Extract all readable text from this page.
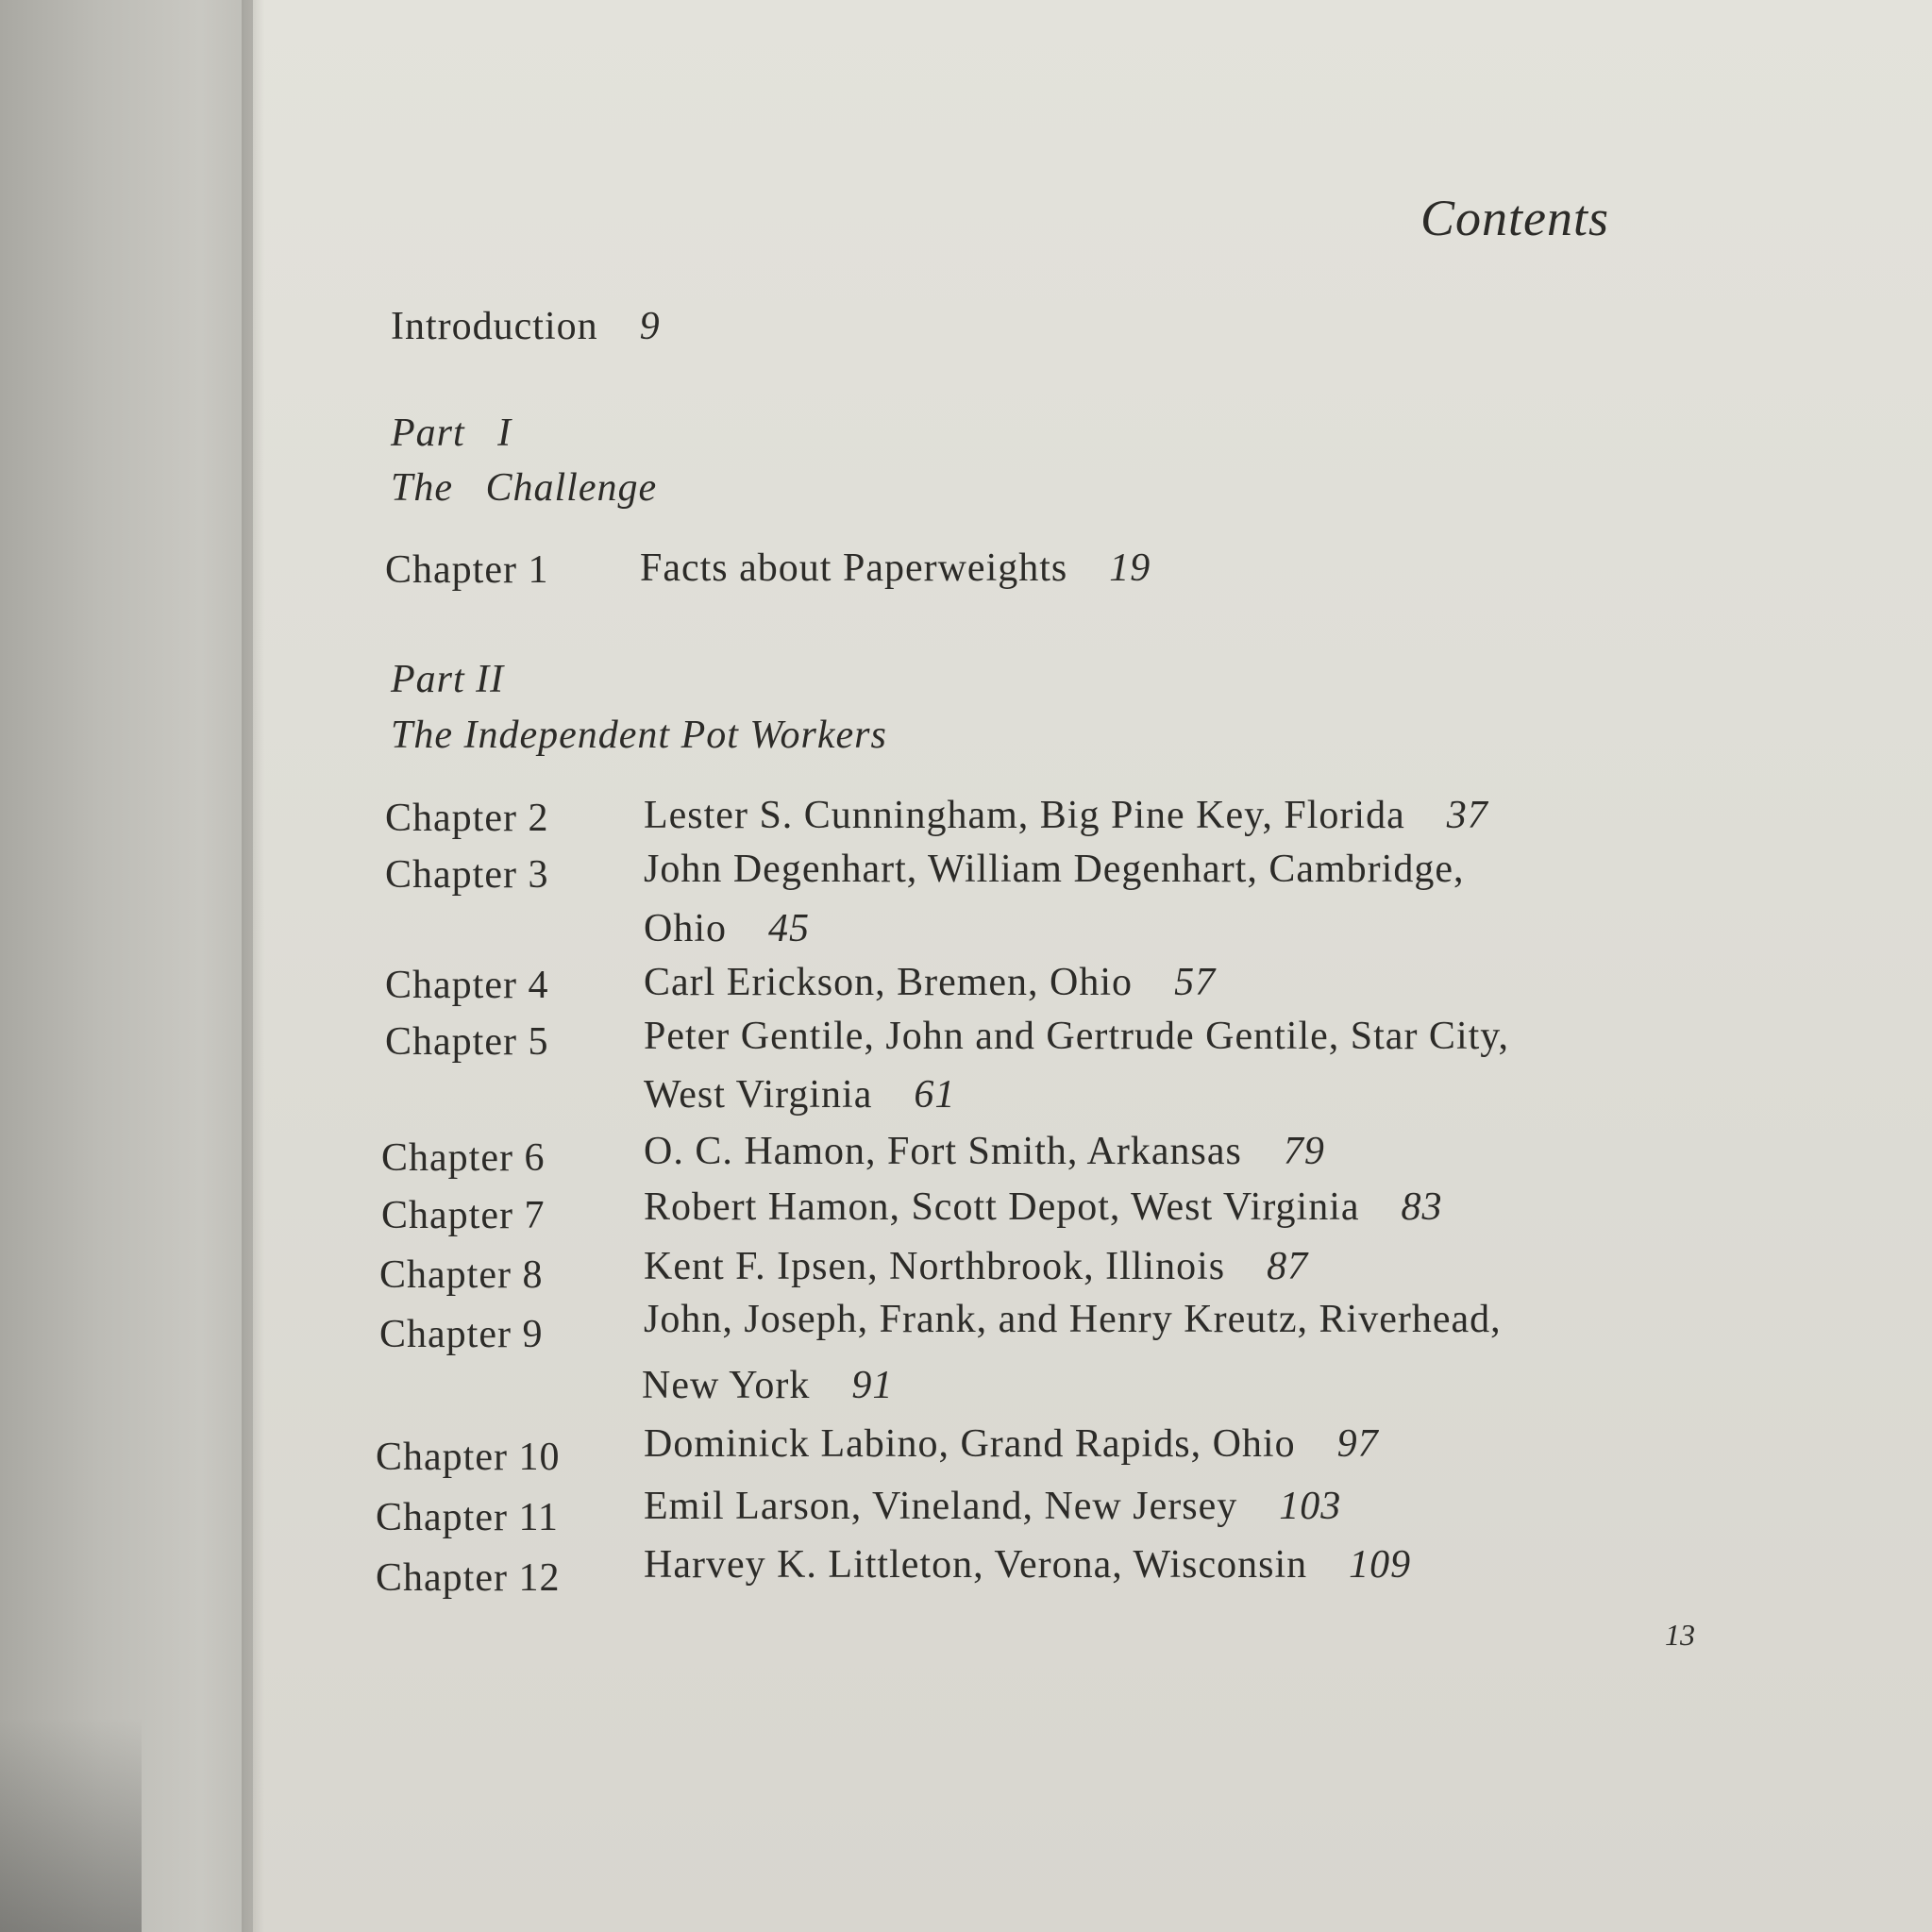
Contents
Introduction 9
Part   I
The   Challenge
Chapter 1 Facts about Paperweights 19
Part II
The Independent Pot Workers
Chapter 2 Lester S. Cunningham, Big Pine Key, Florida 37
Chapter 3 John Degenhart, William Degenhart, Cambridge,
Ohio 45
Chapter 4 Carl Erickson, Bremen, Ohio 57
Chapter 5 Peter Gentile, John and Gertrude Gentile, Star City,
West Virginia 61
Chapter 6 O. C. Hamon, Fort Smith, Arkansas 79
Chapter 7 Robert Hamon, Scott Depot, West Virginia 83
Chapter 8	Kent F. Ipsen, Northbrook, Illinois 87
Chapter 9	John, Joseph, Frank, and Henry Kreutz, Riverhead,
New York 91
Chapter 10 Dominick Labino, Grand Rapids, Ohio 97
Chapter 11 Emil Larson, Vineland, New Jersey 103
Chapter 12 Harvey K. Littleton, Verona, Wisconsin 109
13
